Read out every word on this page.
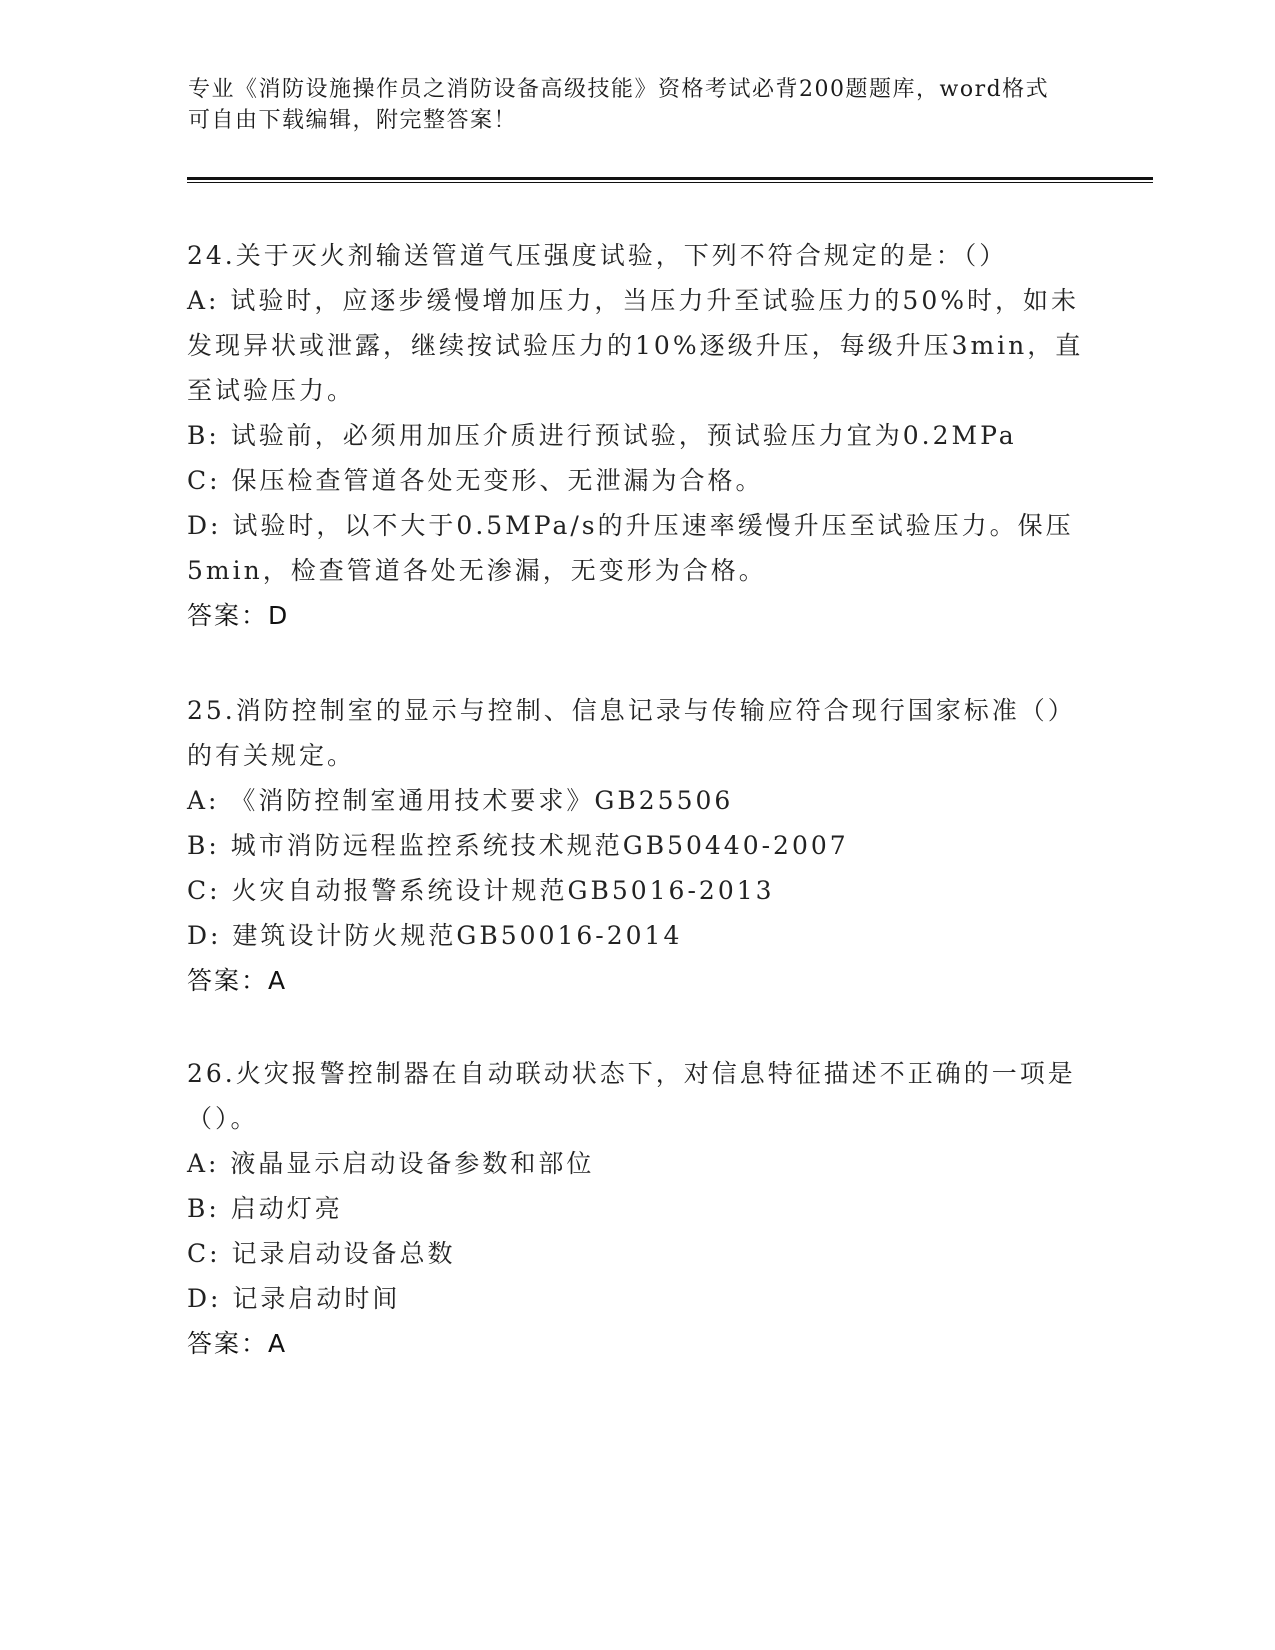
专业《消防设施操作员之消防设备高级技能》资格考试必背200题题库，word格式可自由下载编辑，附完整答案！
24.关于灭火剂输送管道气压强度试验，下列不符合规定的是：（）
A: 试验时，应逐步缓慢增加压力，当压力升至试验压力的50%时，如未发现异状或泄露，继续按试验压力的10%逐级升压，每级升压3min，直至试验压力。
B: 试验前，必须用加压介质进行预试验，预试验压力宜为0.2MPa
C: 保压检查管道各处无变形、无泄漏为合格。
D: 试验时，以不大于0.5MPa/s的升压速率缓慢升压至试验压力。保压5min，检查管道各处无渗漏，无变形为合格。
答案：D
25.消防控制室的显示与控制、信息记录与传输应符合现行国家标准（）的有关规定。
A: 《消防控制室通用技术要求》GB25506
B: 城市消防远程监控系统技术规范GB50440-2007
C: 火灾自动报警系统设计规范GB5016-2013
D: 建筑设计防火规范GB50016-2014
答案：A
26.火灾报警控制器在自动联动状态下，对信息特征描述不正确的一项是（）。
A: 液晶显示启动设备参数和部位
B: 启动灯亮
C: 记录启动设备总数
D: 记录启动时间
答案：A
